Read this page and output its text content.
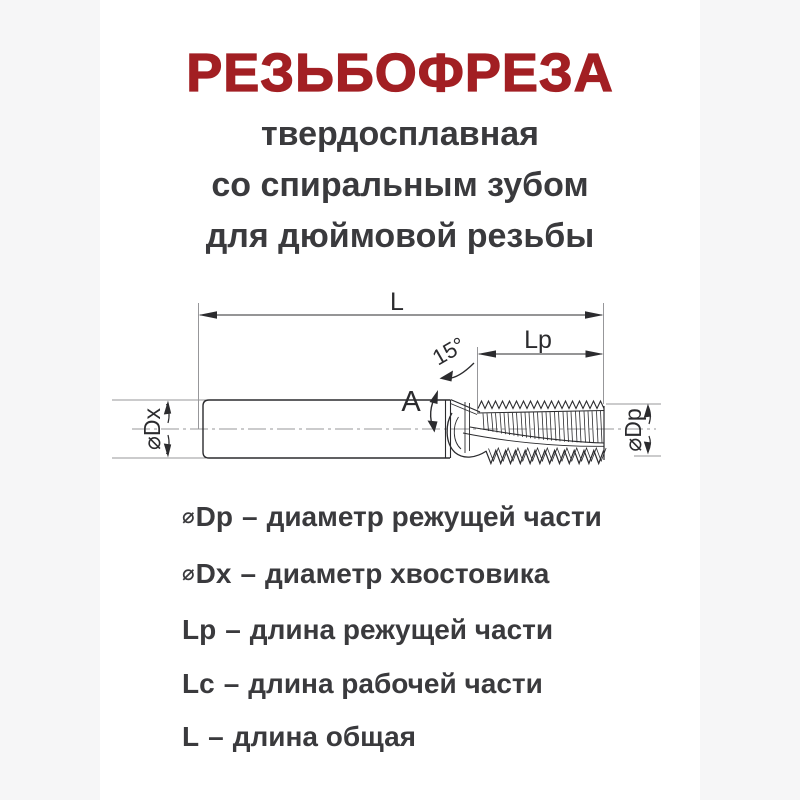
РЕЗЬБОФРЕЗА
твердосплавная
со спиральным зубом
для дюймовой резьбы
L
Lp
15°
A
⌀Dx	⌀Dp
⌀Dp – диаметр режущей части
⌀Dx – диаметр хвостовика
Lp – длина режущей части
Lc – длина рабочей части
L – длина общая
